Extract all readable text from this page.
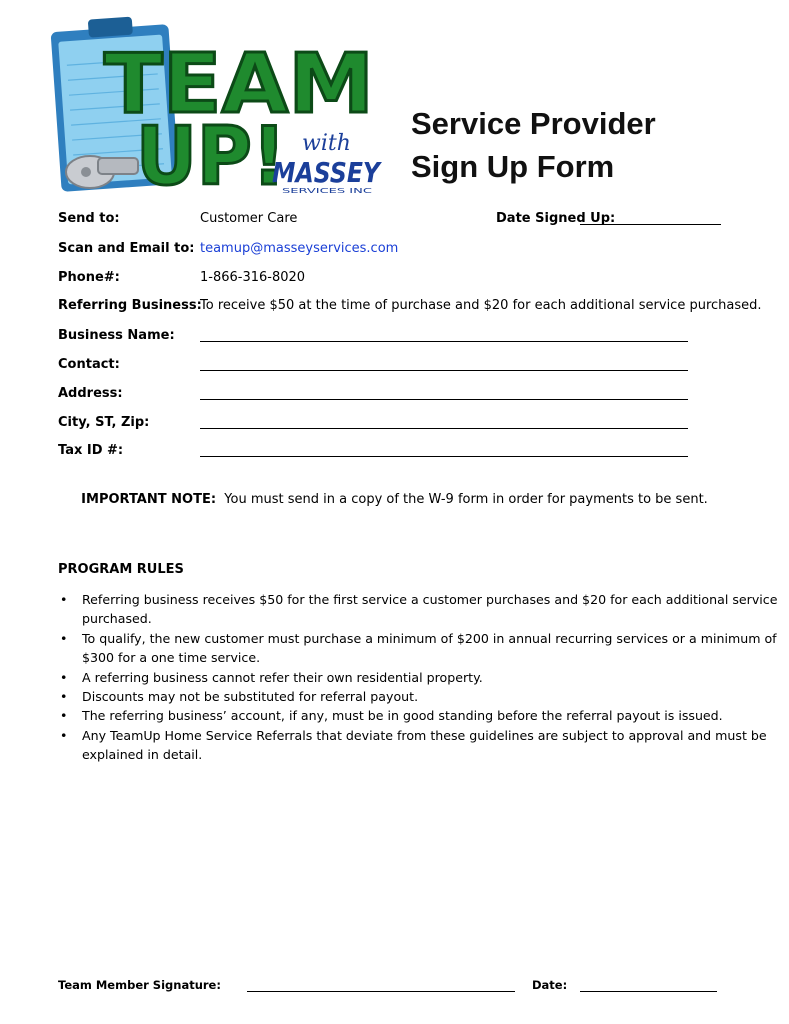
TEAM
UP! with
MASSEY
SERVICES INC
Service Provider
Sign Up Form
Send to:	Customer Care	Date Signed Up:
Scan and Email to: teamup@masseyservices.com
Phone#:	1-866-316-8020
Referring Business:
To receive $50 at the time of purchase and $20 for each additional service purchased.
Business Name:
Contact:
Address:
City, ST, Zip:
Tax ID #:
IMPORTANT NOTE: You must send in a copy of the W-9 form in order for payments to be sent.
PROGRAM RULES
• Referring business receives $50 for the first service a customer purchases and $20 for each additional service purchased.
• To qualify, the new customer must purchase a minimum of $200 in annual recurring services or a minimum of $300 for a one time service.
• A referring business cannot refer their own residential property.
• Discounts may not be substituted for referral payout.
• The referring business’ account, if any, must be in good standing before the referral payout is issued.
• Any TeamUp Home Service Referrals that deviate from these guidelines are subject to approval and must be explained in detail.
Team Member Signature:	Date:
